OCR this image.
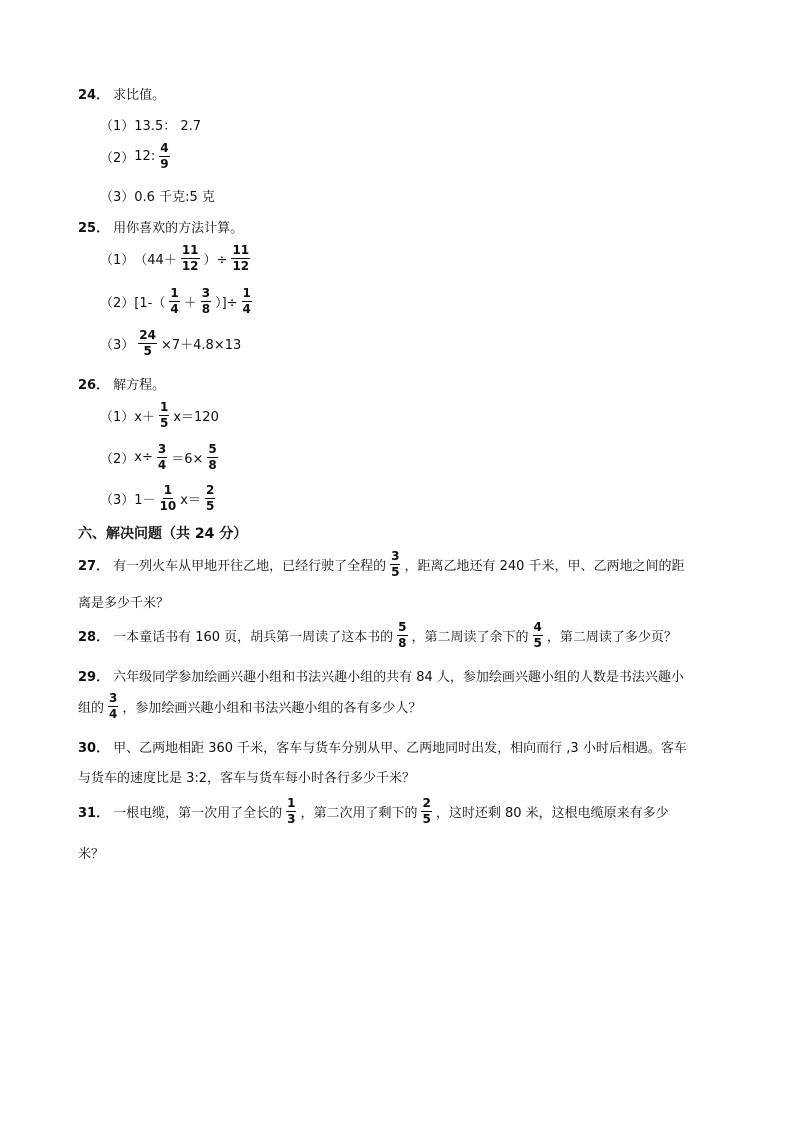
24． 求比值。
（1） 13.5： 2.7
（2） 12: $\frac{4}{9}$
（3） 0.6 千克:5 克
25． 用你喜欢的方法计算。
（1） （$44+ \frac{11}{12}$ ）÷ $\frac{11}{12}$
（2） [$1-( \frac{1}{4} + \frac{3}{8}$ ）]÷ $\frac{1}{4}$
$(3) \frac{24}{5} \times 7+4.8\times 13$
26． 解方程。
（1） $x+ \frac{1}{5} x=120$
（2） $x\div \frac{3}{4} =6\times \frac{5}{8}$
（3） $1- \frac{1}{10} x= \frac{2}{5}$
六、解决问题（共 24 分）
27． 有一列火车从甲地开往乙地，已经行驶了全程的 $\frac{3}{5}$ ，距离乙地还有 240 千米，甲、乙两地之间的距
离是多少千米？
28． 一本童话书有 160 页，胡兵第一周读了这本书的 $\frac{5}{8}$ ，第二周读了余下的 $\frac{4}{5}$ ，第二周读了多少页？
29． 六年级同学参加绘画兴趣小组和书法兴趣小组的共有 84 人，参加绘画兴趣小组的人数是书法兴趣小
组的 $\frac{3}{4}$ ，参加绘画兴趣小组和书法兴趣小组的各有多少人？
30． 甲、乙两地相距 360 千米，客车与货车分别从甲、乙两地同时出发，相向而行 ,3 小时后相遇。客车
与货车的速度比是 3:2，客车与货车每小时各行多少千米？
31． 一根电缆，第一次用了全长的 $\frac{1}{3}$ ，第二次用了剩下的 $\frac{2}{5}$ ，这时还剩 80 米，这根电缆原来有多少
米？
